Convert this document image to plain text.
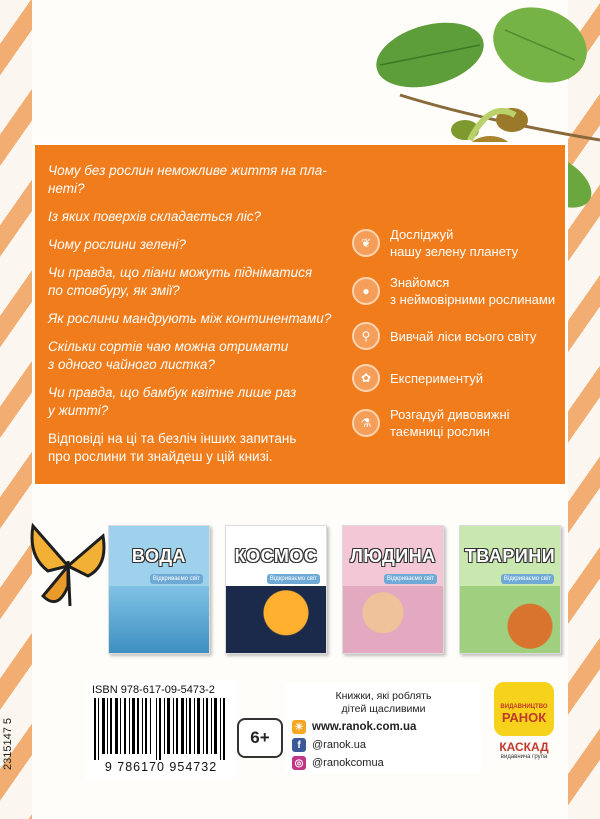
Чому без рослин неможливе життя на пла-
неті?
Із яких поверхів складається ліс?
Чому рослини зелені?
Чи правда, що ліани можуть підніматися
по стовбуру, як змії?
Як рослини мандрують між континентами?
Скільки сортів чаю можна отримати
з одного чайного листка?
Чи правда, що бамбук квітне лише раз
у житті?
Відповіді на ці та безліч інших запитань
про рослини ти знайдеш у цій книзі.
❦
Досліджуй
нашу зелену планету
●
Знайомся
з неймовірними рослинами
⚲	Вивчай ліси всього світу
✿	Експериментуй
⚗
Розгадуй дивовижні
таємниці рослин
ВОДА
Відкриваємо світ
КОСМОС
Відкриваємо світ
ЛЮДИНА
Відкриваємо світ
ТВАРИНИ
Відкриваємо світ
2315147 5
ISBN 978-617-09-5473-2
9 786170 954732
6+
Книжки, які роблять
дітей щасливими
☀ www.ranok.com.ua
f	@ranok.ua
◎ @ranokcomua
ВИДАВНИЦТВО
РАНОК
КАСКАД
видавнича група
